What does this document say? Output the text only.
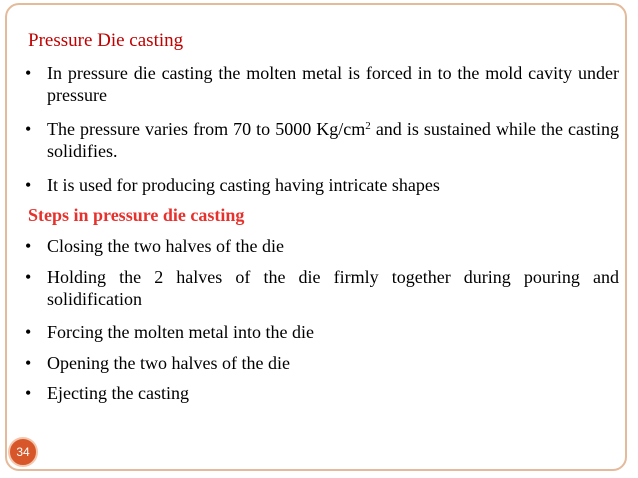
Pressure Die casting
• In pressure die casting the molten metal is forced in to the mold cavity under pressure
• The pressure varies from 70 to 5000 $Kg/cm^2$ and is sustained while the casting solidifies.
• It is used for producing casting having intricate shapes
Steps in pressure die casting
• Closing the two halves of the die
• Holding the 2 halves of the die firmly together during pouring and solidification
• Forcing the molten metal into the die
• Opening the two halves of the die
• Ejecting the casting
34
